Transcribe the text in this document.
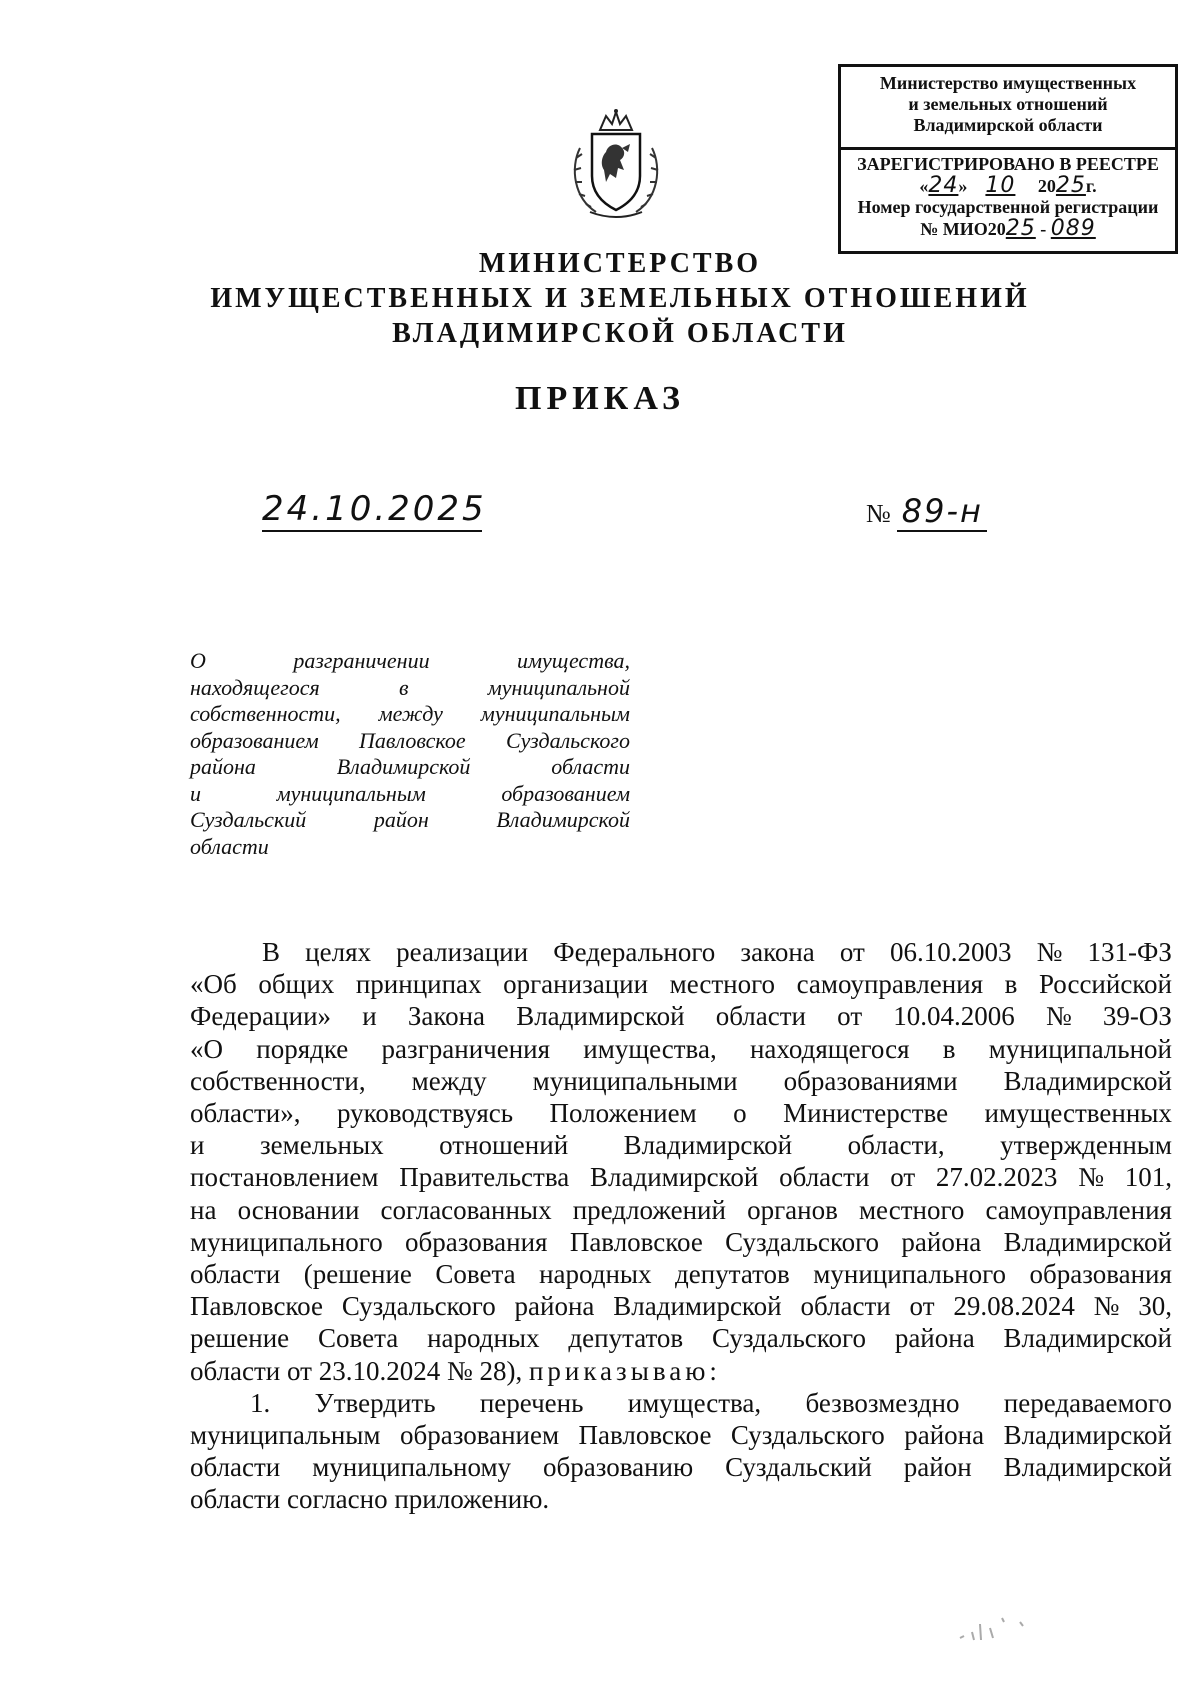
Министерство имущественных
и земельных отношений
Владимирской области
ЗАРЕГИСТРИРОВАНО В РЕЕСТРЕ
«24» 10 2025г.
Номер государственной регистрации
№ МИО2025 - 089
МИНИСТЕРСТВО
ИМУЩЕСТВЕННЫХ И ЗЕМЕЛЬНЫХ ОТНОШЕНИЙ
ВЛАДИМИРСКОЙ ОБЛАСТИ
ПРИКАЗ
24.10.2025	№ 89-н
О	разграничении	имущества,
находящегося	в	муниципальной
собственности, между муниципальным
образованием Павловское Суздальского
района	Владимирской	области
и	муниципальным	образованием
Суздальский	район	Владимирской
области
В целях реализации Федерального закона от 06.10.2003 № 131-ФЗ
«Об общих принципах организации местного самоуправления в Российской
Федерации» и Закона Владимирской области от 10.04.2006 № 39-ОЗ
«О порядке разграничения имущества, находящегося в муниципальной
собственности, между муниципальными образованиями Владимирской
области», руководствуясь Положением о Министерстве имущественных
и земельных отношений Владимирской области, утвержденным
постановлением Правительства Владимирской области от 27.02.2023 № 101,
на основании согласованных предложений органов местного самоуправления
муниципального образования Павловское Суздальского района Владимирской
области (решение Совета народных депутатов муниципального образования
Павловское Суздальского района Владимирской области от 29.08.2024 № 30,
решение Совета народных депутатов Суздальского района Владимирской
области от 23.10.2024 № 28),
приказываю:
1. Утвердить перечень имущества, безвозмездно передаваемого
муниципальным образованием Павловское Суздальского района Владимирской
области муниципальному образованию Суздальский район Владимирской
области согласно приложению.
